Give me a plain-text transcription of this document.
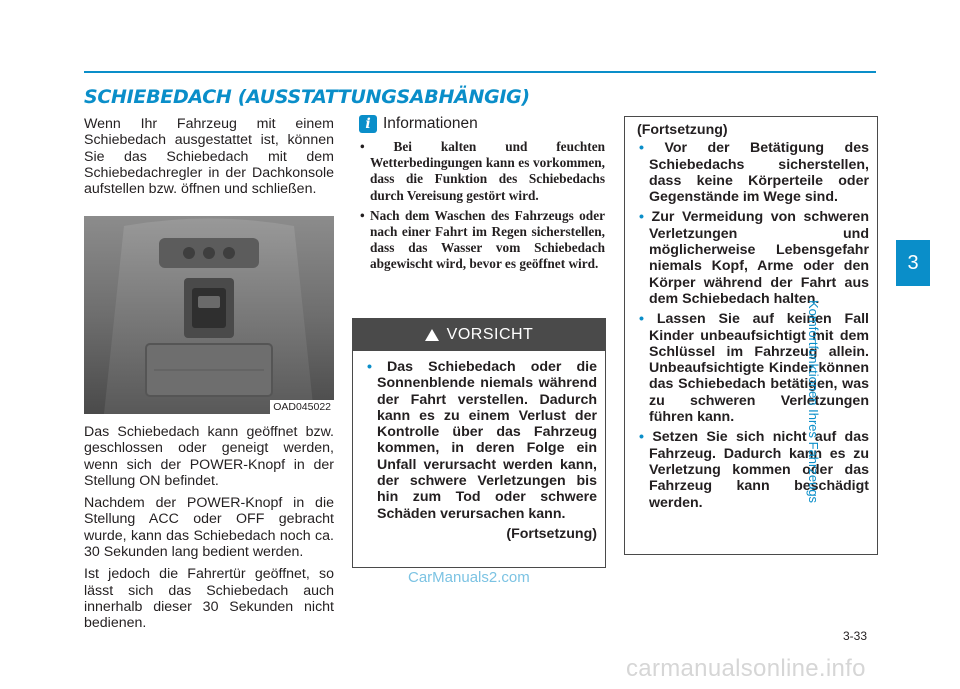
SCHIEBEDACH (AUSSTATTUNGSABHÄNGIG)

Wenn Ihr Fahrzeug mit einem Schiebedach ausgestattet ist, können Sie das Schiebedach mit dem Schiebedachregler in der Dachkonsole aufstellen bzw. öffnen und schließen.

OAD045022

Das Schiebedach kann geöffnet bzw. geschlossen oder geneigt werden, wenn sich der POWER-Knopf in der Stellung ON befindet.

Nachdem der POWER-Knopf in die Stellung ACC oder OFF gebracht wurde, kann das Schiebedach noch ca. 30 Sekunden lang bedient werden.

Ist jedoch die Fahrertür geöffnet, so lässt sich das Schiebedach auch innerhalb dieser 30 Sekunden nicht bedienen.

i Informationen
• Bei kalten und feuchten Wetterbedingungen kann es vorkommen, dass die Funktion des Schiebedachs durch Vereisung gestört wird.
• Nach dem Waschen des Fahrzeugs oder nach einer Fahrt im Regen sicherstellen, dass das Wasser vom Schiebedach abgewischt wird, bevor es geöffnet wird.
VORSICHT
• Das Schiebedach oder die Sonnenblende niemals während der Fahrt verstellen. Dadurch kann es zu einem Verlust der Kontrolle über das Fahrzeug kommen, in deren Folge ein Unfall verursacht werden kann, der schwere Verletzungen bis hin zum Tod oder schwere Schäden verursachen kann.
(Fortsetzung)
(Fortsetzung)
• Vor der Betätigung des Schiebedachs sicherstellen, dass keine Körperteile oder Gegenstände im Wege sind.
• Zur Vermeidung von schweren Verletzungen und möglicherweise Lebensgefahr niemals Kopf, Arme oder den Körper während der Fahrt aus dem Schiebedach halten.
• Lassen Sie auf keinen Fall Kinder unbeaufsichtigt mit dem Schlüssel im Fahrzeug allein. Unbeaufsichtigte Kinder können das Schiebedach betätigen, was zu schweren Verletzungen führen kann.
• Setzen Sie sich nicht auf das Fahrzeug. Dadurch kann es zu Verletzung kommen oder das Fahrzeug kann beschädigt werden.
3
Komfortfunktionen Ihres Fahrzeugs
3-33
CarManuals2.com
carmanualsonline.info
